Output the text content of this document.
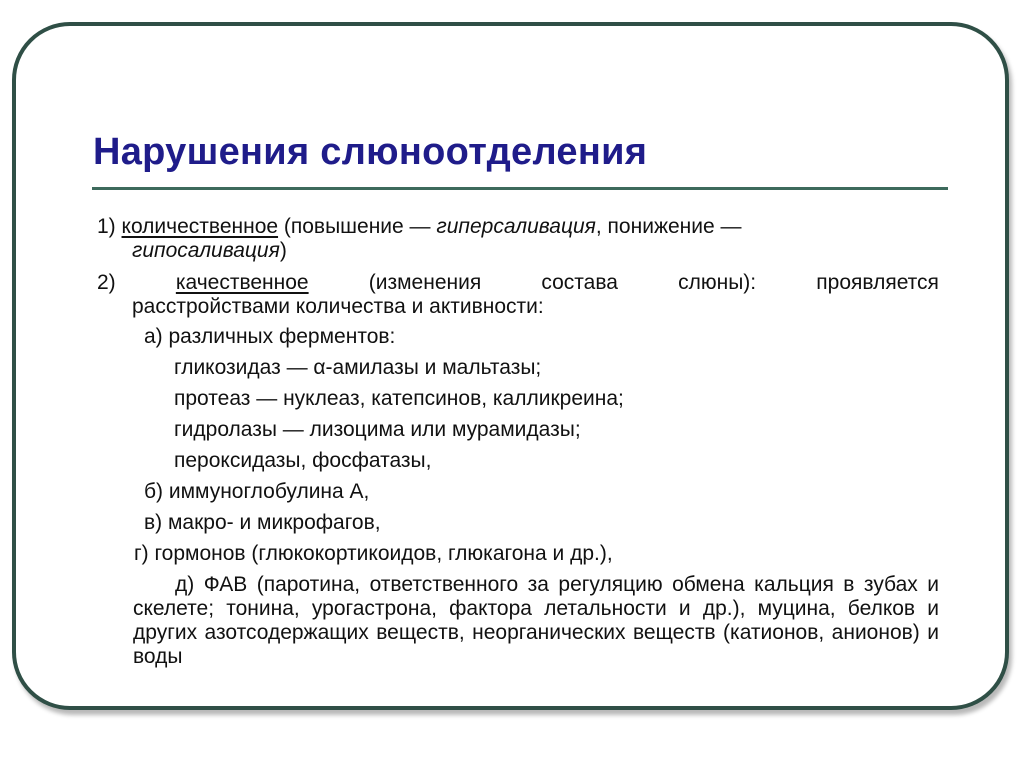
Нарушения слюноотделения

1) количественное (повышение — гиперсаливация, понижение —

гипосаливация)

2)	качественное	(изменения	состава	слюны):	проявляется

расстройствами количества и активности:

а) различных ферментов:

гликозидаз — α-амилазы и мальтазы;

протеаз — нуклеаз, катепсинов, калликреина;

гидролазы — лизоцима или мурамидазы;

пероксидазы, фосфатазы,

б) иммуноглобулина А,

в) макро- и микрофагов,

г) гормонов (глюкокортикоидов, глюкагона и др.),

д) ФАВ (паротина, ответственного за регуляцию обмена кальция в зубах и скелете; тонина, урогастрона, фактора летальности и др.), муцина, белков и других азотсодержащих веществ, неорганических веществ (катионов, анионов) и воды
